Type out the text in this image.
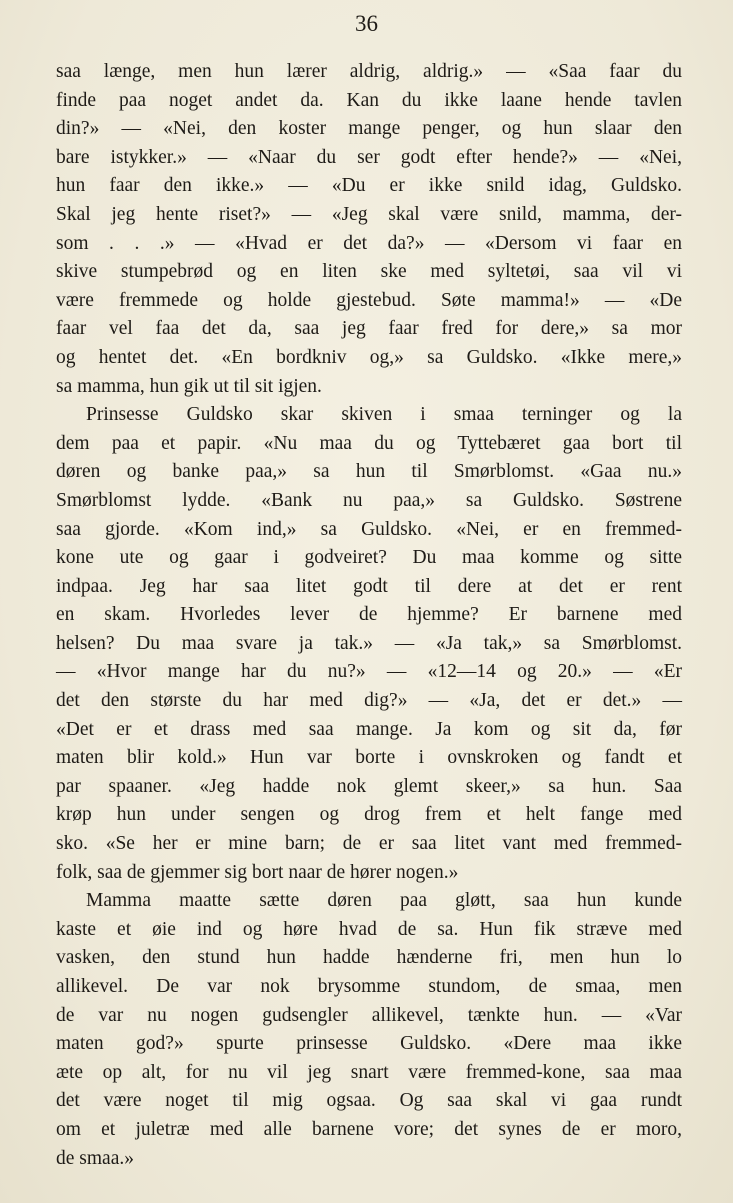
36
saa længe, men hun lærer aldrig, aldrig.» — «Saa faar du
finde paa noget andet da. Kan du ikke laane hende tavlen
din?» — «Nei, den koster mange penger, og hun slaar den
bare istykker.» — «Naar du ser godt efter hende?» — «Nei,
hun faar den ikke.» — «Du er ikke snild idag, Guldsko.
Skal jeg hente riset?» — «Jeg skal være snild, mamma, der-
som . . .» — «Hvad er det da?» — «Dersom vi faar en
skive stumpebrød og en liten ske med syltetøi, saa vil vi
være fremmede og holde gjestebud. Søte mamma!» — «De
faar vel faa det da, saa jeg faar fred for dere,» sa mor
og hentet det. «En bordkniv og,» sa Guldsko. «Ikke mere,»
sa mamma, hun gik ut til sit igjen.
Prinsesse Guldsko skar skiven i smaa terninger og la
dem paa et papir. «Nu maa du og Tyttebæret gaa bort til
døren og banke paa,» sa hun til Smørblomst. «Gaa nu.»
Smørblomst lydde. «Bank nu paa,» sa Guldsko. Søstrene
saa gjorde. «Kom ind,» sa Guldsko. «Nei, er en fremmed-
kone ute og gaar i godveiret? Du maa komme og sitte
indpaa. Jeg har saa litet godt til dere at det er rent
en skam. Hvorledes lever de hjemme? Er barnene med
helsen? Du maa svare ja tak.» — «Ja tak,» sa Smørblomst.
— «Hvor mange har du nu?» — «12—14 og 20.» — «Er
det den største du har med dig?» — «Ja, det er det.» —
«Det er et drass med saa mange. Ja kom og sit da, før
maten blir kold.» Hun var borte i ovnskroken og fandt et
par spaaner. «Jeg hadde nok glemt skeer,» sa hun. Saa
krøp hun under sengen og drog frem et helt fange med
sko. «Se her er mine barn; de er saa litet vant med fremmed-
folk, saa de gjemmer sig bort naar de hører nogen.»
Mamma maatte sætte døren paa gløtt, saa hun kunde
kaste et øie ind og høre hvad de sa. Hun fik stræve med
vasken, den stund hun hadde hænderne fri, men hun lo
allikevel. De var nok brysomme stundom, de smaa, men
de var nu nogen gudsengler allikevel, tænkte hun. — «Var
maten god?» spurte prinsesse Guldsko. «Dere maa ikke
æte op alt, for nu vil jeg snart være fremmed-kone, saa maa
det være noget til mig ogsaa. Og saa skal vi gaa rundt
om et juletræ med alle barnene vore; det synes de er moro,
de smaa.»
